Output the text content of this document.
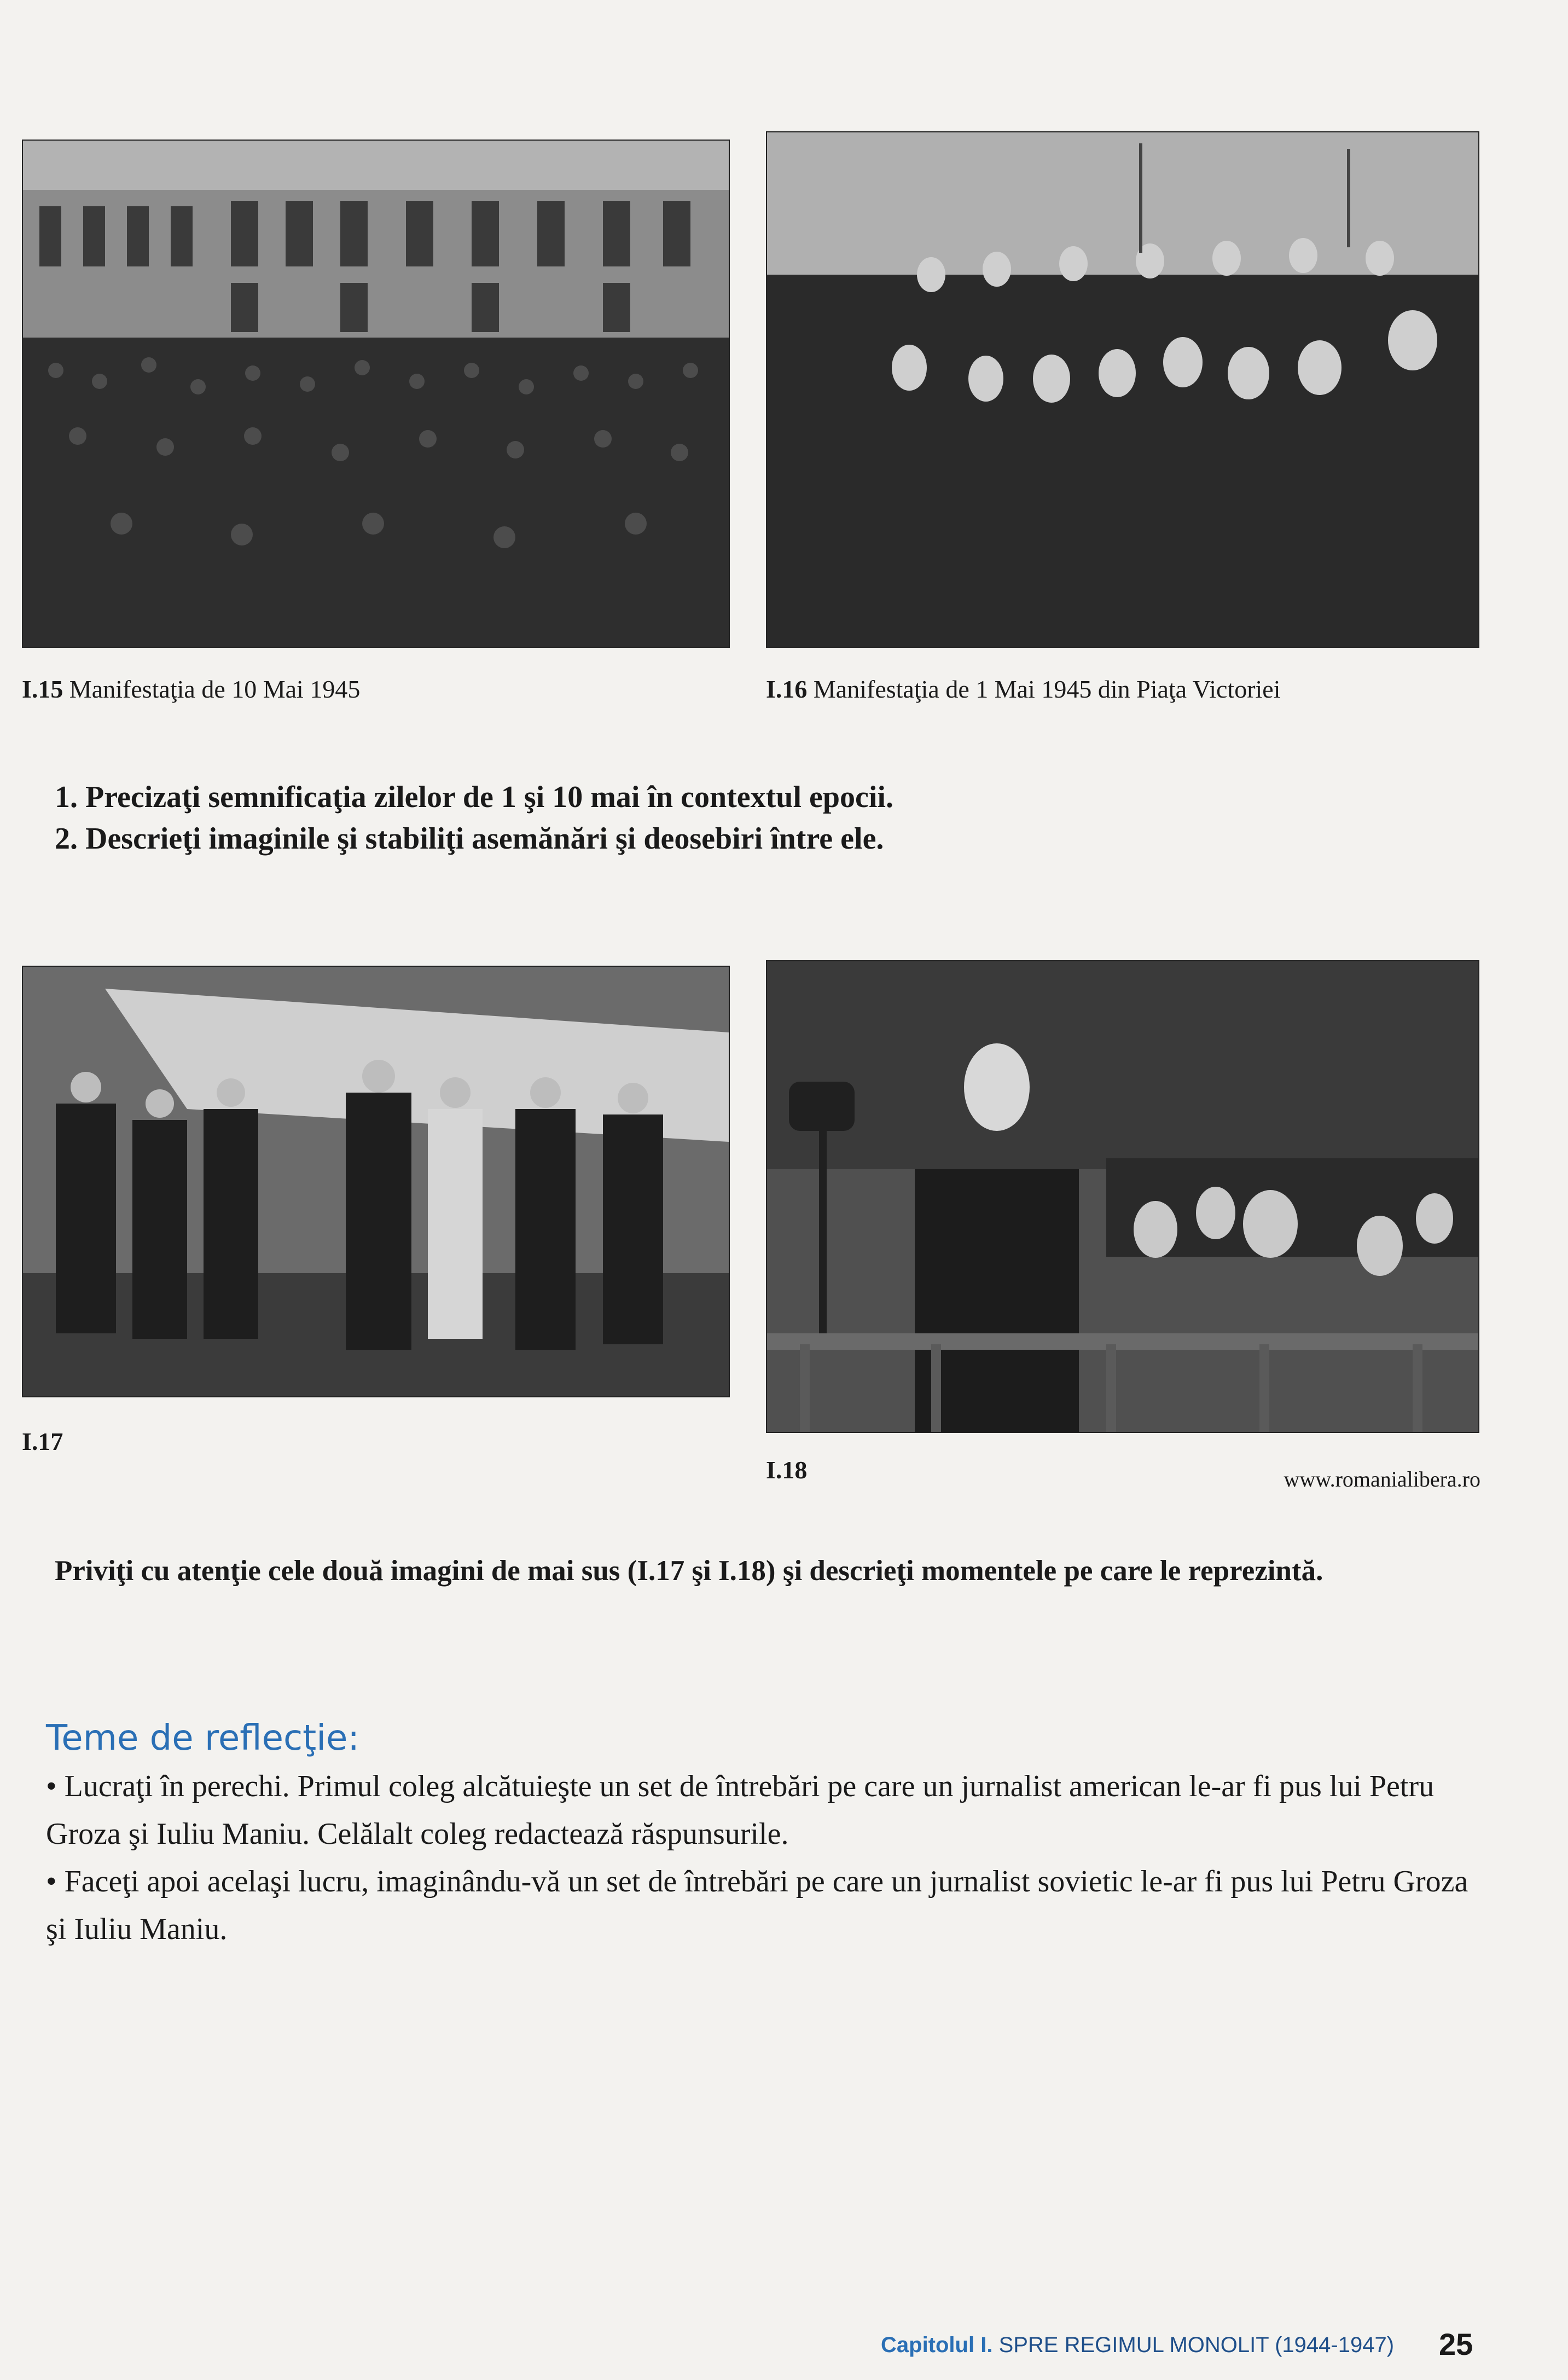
I.15 Manifestaţia de 10 Mai 1945	I.16 Manifestaţia de 1 Mai 1945 din Piaţa Victoriei
1. Precizaţi semnificaţia zilelor de 1 şi 10 mai în contextul epocii.
2. Descrieţi imaginile şi stabiliţi asemănări şi deosebiri între ele.
I.17
I.18	www.romanialibera.ro
Priviţi cu atenţie cele două imagini de mai sus (I.17 şi I.18) şi descrieţi momentele pe care le reprezintă.
Teme de reflecţie:
• Lucraţi în perechi. Primul coleg alcătuieşte un set de întrebări pe care un jurnalist american le-ar fi pus lui Petru Groza şi Iuliu Maniu. Celălalt coleg redactează răspunsurile.
• Faceţi apoi acelaşi lucru, imaginându-vă un set de întrebări pe care un jurnalist sovietic le-ar fi pus lui Petru Groza şi Iuliu Maniu.
Capitolul I. SPRE REGIMUL MONOLIT (1944-1947) 25
